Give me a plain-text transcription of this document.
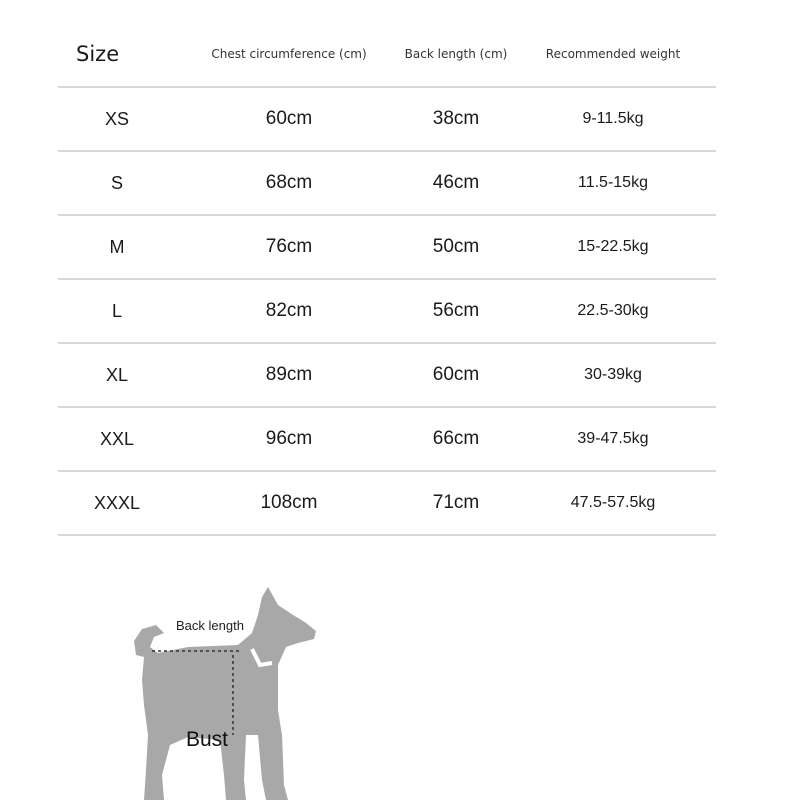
Size	Chest circumference (cm)	Back length (cm)	Recommended weight
XS	60cm	38cm	9-11.5kg
S	68cm	46cm	11.5-15kg
M	76cm	50cm	15-22.5kg
L	82cm	56cm	22.5-30kg
XL	89cm	60cm	30-39kg
XXL	96cm	66cm	39-47.5kg
XXXL	108cm	71cm	47.5-57.5kg
Back length
Bust
